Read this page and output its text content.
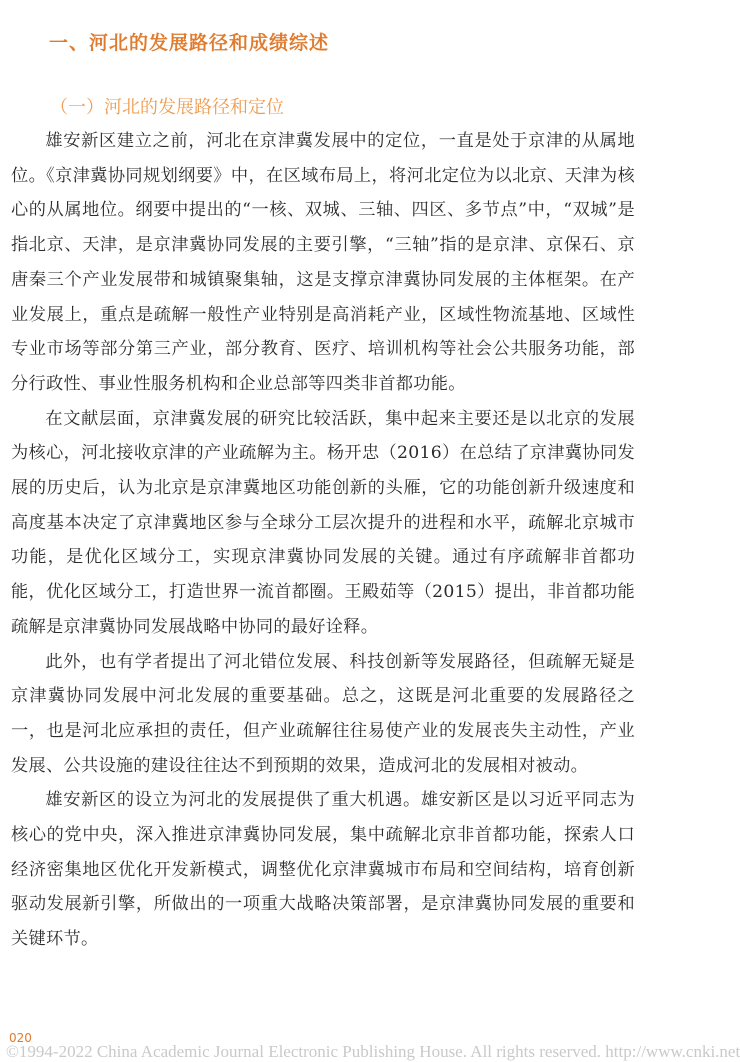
一、河北的发展路径和成绩综述
（一）河北的发展路径和定位

雄安新区建立之前，河北在京津冀发展中的定位，一直是处于京津的从属地位。《京津冀协同规划纲要》中，在区域布局上，将河北定位为以北京、天津为核心的从属地位。纲要中提出的“一核、双城、三轴、四区、多节点”中，“双城”是指北京、天津，是京津冀协同发展的主要引擎，“三轴”指的是京津、京保石、京唐秦三个产业发展带和城镇聚集轴，这是支撑京津冀协同发展的主体框架。在产业发展上，重点是疏解一般性产业特别是高消耗产业，区域性物流基地、区域性专业市场等部分第三产业，部分教育、医疗、培训机构等社会公共服务功能，部分行政性、事业性服务机构和企业总部等四类非首都功能。

在文献层面，京津冀发展的研究比较活跃，集中起来主要还是以北京的发展为核心，河北接收京津的产业疏解为主。杨开忠（2016）在总结了京津冀协同发展的历史后，认为北京是京津冀地区功能创新的头雁，它的功能创新升级速度和高度基本决定了京津冀地区参与全球分工层次提升的进程和水平，疏解北京城市功能，是优化区域分工，实现京津冀协同发展的关键。通过有序疏解非首都功能，优化区域分工，打造世界一流首都圈。王殿茹等（2015）提出，非首都功能疏解是京津冀协同发展战略中协同的最好诠释。

此外，也有学者提出了河北错位发展、科技创新等发展路径，但疏解无疑是京津冀协同发展中河北发展的重要基础。总之，这既是河北重要的发展路径之一，也是河北应承担的责任，但产业疏解往往易使产业的发展丧失主动性，产业发展、公共设施的建设往往达不到预期的效果，造成河北的发展相对被动。

雄安新区的设立为河北的发展提供了重大机遇。雄安新区是以习近平同志为核心的党中央，深入推进京津冀协同发展，集中疏解北京非首都功能，探索人口经济密集地区优化开发新模式，调整优化京津冀城市布局和空间结构，培育创新驱动发展新引擎，所做出的一项重大战略决策部署，是京津冀协同发展的重要和关键环节。

020
©1994-2022 China Academic Journal Electronic Publishing House. All rights reserved. http://www.cnki.net
